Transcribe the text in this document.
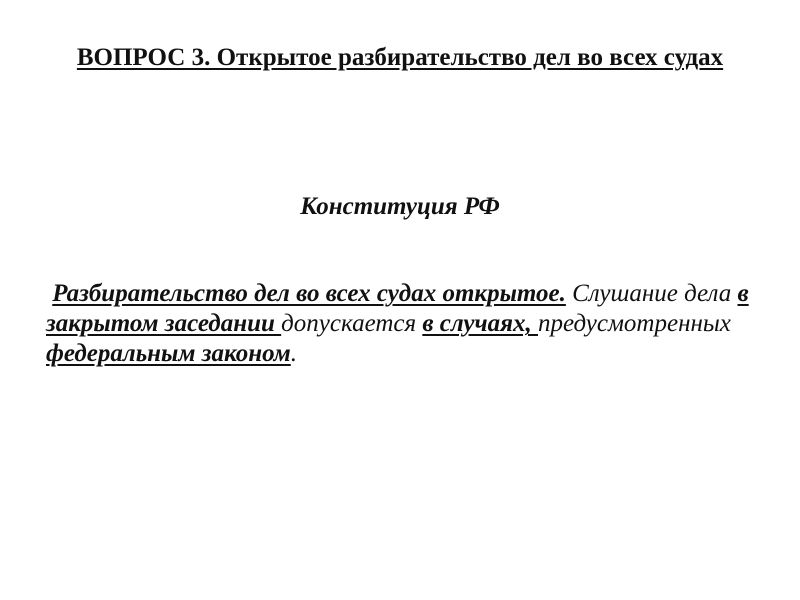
ВОПРОС 3. Открытое разбирательство дел во всех судах
Конституция РФ
Разбирательство дел во всех судах открытое. Слушание дела в закрытом заседании допускается в случаях, предусмотренных федеральным законом.
